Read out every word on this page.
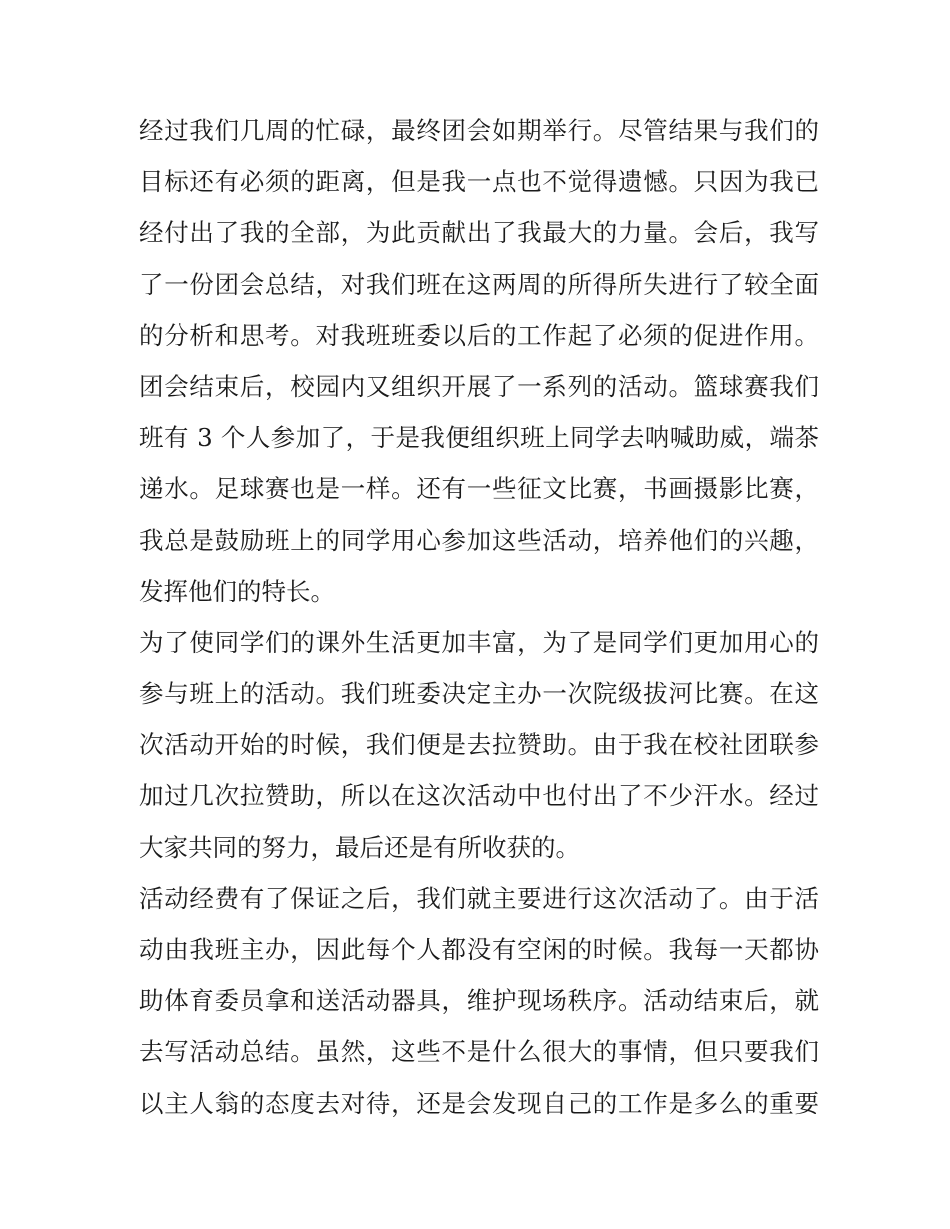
经过我们几周的忙碌，最终团会如期举行。尽管结果与我们的
目标还有必须的距离，但是我一点也不觉得遗憾。只因为我已
经付出了我的全部，为此贡献出了我最大的力量。会后，我写
了一份团会总结，对我们班在这两周的所得所失进行了较全面
的分析和思考。对我班班委以后的工作起了必须的促进作用。
团会结束后，校园内又组织开展了一系列的活动。篮球赛我们
班有 3 个人参加了，于是我便组织班上同学去呐喊助威，端茶
递水。足球赛也是一样。还有一些征文比赛，书画摄影比赛，
我总是鼓励班上的同学用心参加这些活动，培养他们的兴趣，
发挥他们的特长。
为了使同学们的课外生活更加丰富，为了是同学们更加用心的
参与班上的活动。我们班委决定主办一次院级拔河比赛。在这
次活动开始的时候，我们便是去拉赞助。由于我在校社团联参
加过几次拉赞助，所以在这次活动中也付出了不少汗水。经过
大家共同的努力，最后还是有所收获的。
活动经费有了保证之后，我们就主要进行这次活动了。由于活
动由我班主办，因此每个人都没有空闲的时候。我每一天都协
助体育委员拿和送活动器具，维护现场秩序。活动结束后，就
去写活动总结。虽然，这些不是什么很大的事情，但只要我们
以主人翁的态度去对待，还是会发现自己的工作是多么的重要
